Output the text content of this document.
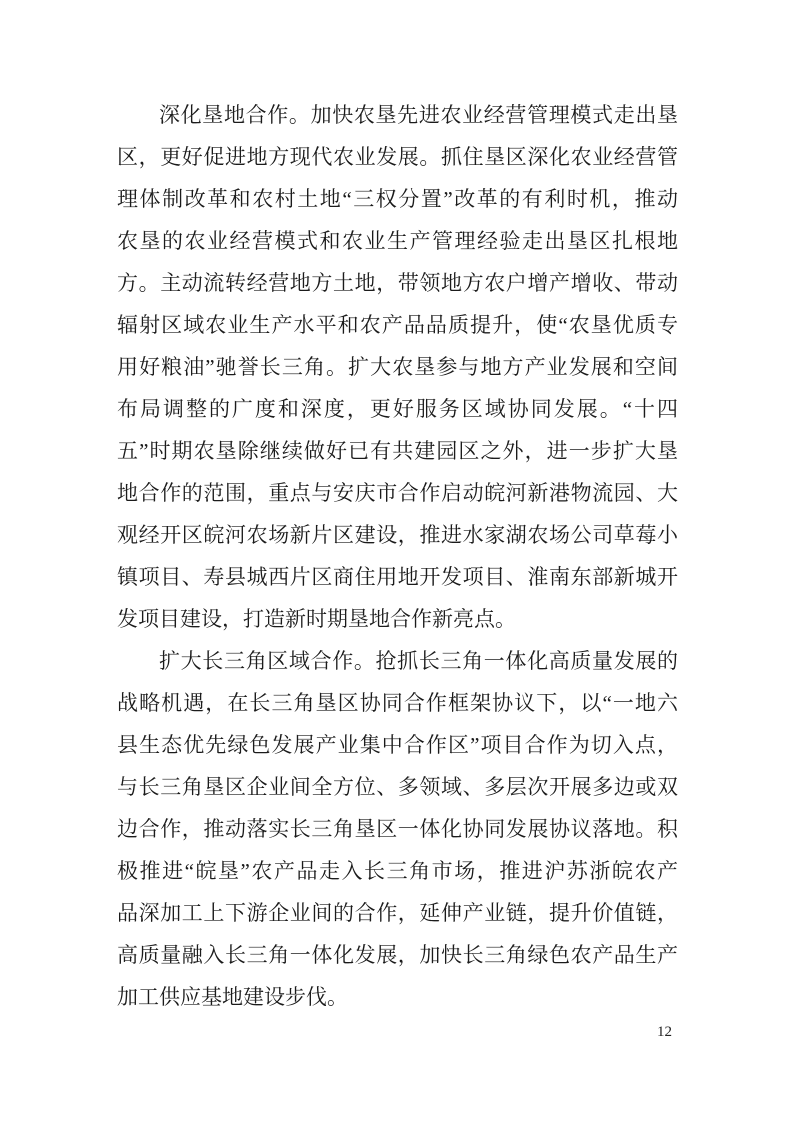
深化垦地合作。加快农垦先进农业经营管理模式走出垦
区，更好促进地方现代农业发展。抓住垦区深化农业经营管
理体制改革和农村土地“三权分置”改革的有利时机，推动
农垦的农业经营模式和农业生产管理经验走出垦区扎根地
方。主动流转经营地方土地，带领地方农户增产增收、带动
辐射区域农业生产水平和农产品品质提升，使“农垦优质专
用好粮油”驰誉长三角。扩大农垦参与地方产业发展和空间
布局调整的广度和深度，更好服务区域协同发展。“十四
五”时期农垦除继续做好已有共建园区之外，进一步扩大垦
地合作的范围，重点与安庆市合作启动皖河新港物流园、大
观经开区皖河农场新片区建设，推进水家湖农场公司草莓小
镇项目、寿县城西片区商住用地开发项目、淮南东部新城开
发项目建设，打造新时期垦地合作新亮点。
扩大长三角区域合作。抢抓长三角一体化高质量发展的
战略机遇，在长三角垦区协同合作框架协议下，以“一地六
县生态优先绿色发展产业集中合作区”项目合作为切入点，
与长三角垦区企业间全方位、多领域、多层次开展多边或双
边合作，推动落实长三角垦区一体化协同发展协议落地。积
极推进“皖垦”农产品走入长三角市场，推进沪苏浙皖农产
品深加工上下游企业间的合作，延伸产业链，提升价值链，
高质量融入长三角一体化发展，加快长三角绿色农产品生产
加工供应基地建设步伐。
12
